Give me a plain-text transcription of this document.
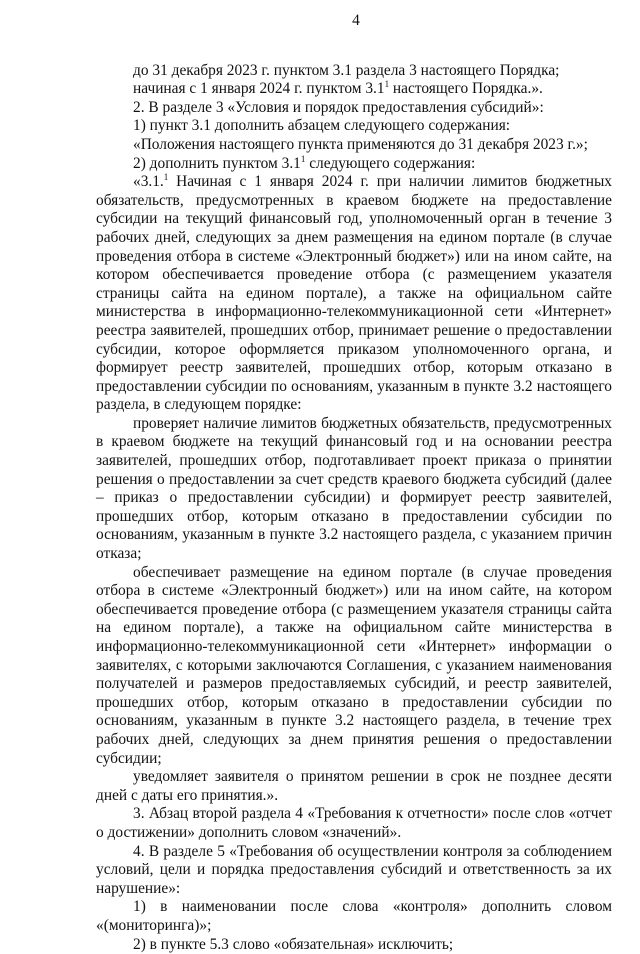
4

до 31 декабря 2023 г. пунктом 3.1 раздела 3 настоящего Порядка;

начиная с 1 января 2024 г. пунктом $3.1^1$ настоящего Порядка.».

2. В разделе 3 «Условия и порядок предоставления субсидий»:

1) пункт 3.1 дополнить абзацем следующего содержания:

«Положения настоящего пункта применяются до 31 декабря 2023 г.»;

2) дополнить пунктом $3.1^1$ следующего содержания:

«3.1.$^1$ Начиная с 1 января 2024 г. при наличии лимитов бюджетных обязательств, предусмотренных в краевом бюджете на предоставление субсидии на текущий финансовый год, уполномоченный орган в течение 3 рабочих дней, следующих за днем размещения на едином портале (в случае проведения отбора в системе «Электронный бюджет») или на ином сайте, на котором обеспечивается проведение отбора (с размещением указателя страницы сайта на едином портале), а также на официальном сайте министерства в информационно-телекоммуникационной сети «Интернет» реестра заявителей, прошедших отбор, принимает решение о предоставлении субсидии, которое оформляется приказом уполномоченного органа, и формирует реестр заявителей, прошедших отбор, которым отказано в предоставлении субсидии по основаниям, указанным в пункте 3.2 настоящего раздела, в следующем порядке:

проверяет наличие лимитов бюджетных обязательств, предусмотренных в краевом бюджете на текущий финансовый год и на основании реестра заявителей, прошедших отбор, подготавливает проект приказа о принятии решения о предоставлении за счет средств краевого бюджета субсидий (далее – приказ о предоставлении субсидии) и формирует реестр заявителей, прошедших отбор, которым отказано в предоставлении субсидии по основаниям, указанным в пункте 3.2 настоящего раздела, с указанием причин отказа;

обеспечивает размещение на едином портале (в случае проведения отбора в системе «Электронный бюджет») или на ином сайте, на котором обеспечивается проведение отбора (с размещением указателя страницы сайта на едином портале), а также на официальном сайте министерства в информационно-телекоммуникационной сети «Интернет» информации о заявителях, с которыми заключаются Соглашения, с указанием наименования получателей и размеров предоставляемых субсидий, и реестр заявителей, прошедших отбор, которым отказано в предоставлении субсидии по основаниям, указанным в пункте 3.2 настоящего раздела, в течение трех рабочих дней, следующих за днем принятия решения о предоставлении субсидии;

уведомляет заявителя о принятом решении в срок не позднее десяти дней с даты его принятия.».

3. Абзац второй раздела 4 «Требования к отчетности» после слов «отчет о достижении» дополнить словом «значений».

4. В разделе 5 «Требования об осуществлении контроля за соблюдением условий, цели и порядка предоставления субсидий и ответственность за их нарушение»:

1) в наименовании после слова «контроля» дополнить словом «(мониторинга)»;

2) в пункте 5.3 слово «обязательная» исключить;
